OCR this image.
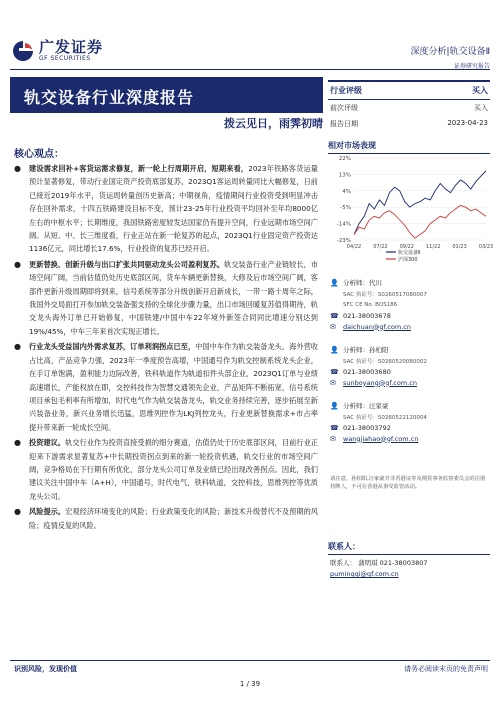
广发证券
GF SECURITIES
深度分析|轨交设备Ⅱ
证券研究报告
轨交设备行业深度报告
拨云见日，雨霁初晴
行业评级	买入
前次评级	买入
报告日期	2023-04-23
核心观点：
●	建设需求回补+客货运需求修复，新一轮上行周期开启，短期来看，2023年铁路客货运量预计显著修复，带动行业国定资产投资底部复苏，2023Q1客运周转量同比大幅修复，日前已接近2019年水平，货运周转量创历史新高；中期视角，疫情期间行业投资受到明显冲击存在回补需求，十四五铁路建设目标不变，预计23-25年行业投资平均回补至年均8000亿左右的中枢水平；长期维度，我国铁路密度较发达国家仍有提升空间，行业远期市场空间广阔。从短、中、长三维度看，行业正站在新一轮复苏的起点，2023Q1行业固定资产投资达1136亿元，同比增长17.6%，行业投资的复苏已经开启。

●	更新替换、创新升级与出口扩张共同驱动龙头公司盈利复苏。轨交装备行业产业链较长，市场空间广阔，当前估值仍处历史底部区间，货车车辆更新替换，大修及后市场空间广阔，客部件更新升级周期即将到来，信号系统等部分升级创新开启新成长，一带一路十周年之际，我国外交局面打开参加轨交装备强支持的全球化步骤力量，出口市场回暖复苏值得期待，轨交龙头海外订单已开始修复，中国铁建/中国中车22年境外新签合同同比增速分别达到19%/45%，中车三年来首次实现正增长。

●	行业龙头受益国内外需求复苏，订单利润拐点已至，中国中车作为轨交装备龙头，海外营收占比高，产品竞争力强，2023年一季度预告高增，中国通号作为轨交控制系统龙头企业，在手订单饱满，盈利能力边际改善，铁科轨道作为轨道扣件头部企业，2023Q1订单与业绩高速增长，产能权放在即，交控科技作为智慧交通领先企业，产品矩阵不断拓宽，信号系统项目承包毛利率有所增加，时代电气作为轨交装备龙头，轨交业务持续完善，逐步拓展至新兴装备业务，新兴业务增长迅猛，思维列控作为LKJ列控龙头，行业更新替换需求+市占率提升带来新一轮成长空间。

●	投资建议。轨交行业作为投资直接受损的细分赛道，估值仍处于历史底部区间，目前行业正迎来下游需求显著复苏+中长期投资拐点到来的新一轮投资机遇，轨交行业的市场空间广阔，竞争格局在下行期有所优化，部分龙头公司订单及业绩已经出现改善拐点。因此，我们建议关注中国中车（A+H），中国通号，时代电气，铁科轨道，交控科技，思维列控等优质龙头公司。

●	风险提示。宏观经济环境变化的风险；行业政策变化的风险；新技术升级替代不及预期的风险；疫情反复的风险。

相对市场表现
22%
13%
4%
-5%
-14%
-23%
04/22 07/22 09/22 11/22 01/23 03/23
轨交设备Ⅱ
沪深300
👤 分析师： 代川
SAC 执证号：S0260517080007
SFC CE No. BOS186
☎ 021-38003678
✉	daichuan@gf.com.cn
👤 分析师： 孙柏阳
SAC 执证号：S0260520080002
☎ 021-38003680
✉	sunboyang@gf.com.cn
👤 分析师： 汪家豪
SAC 执证号：S0260522120004
☎ 021-38003792
✉	wangjiahao@gf.com.cn
请注意，孙柏阳,汪家豪并非香港证券及期货事务监察委员会的注册持牌人，不可在香港从事受监管活动。
联系人：
联系人： 蒲明琪 021-38003807
pumingqi@gf.com.cn
识别风险，发现价值
1 / 39
请务必阅读末页的免责声明
